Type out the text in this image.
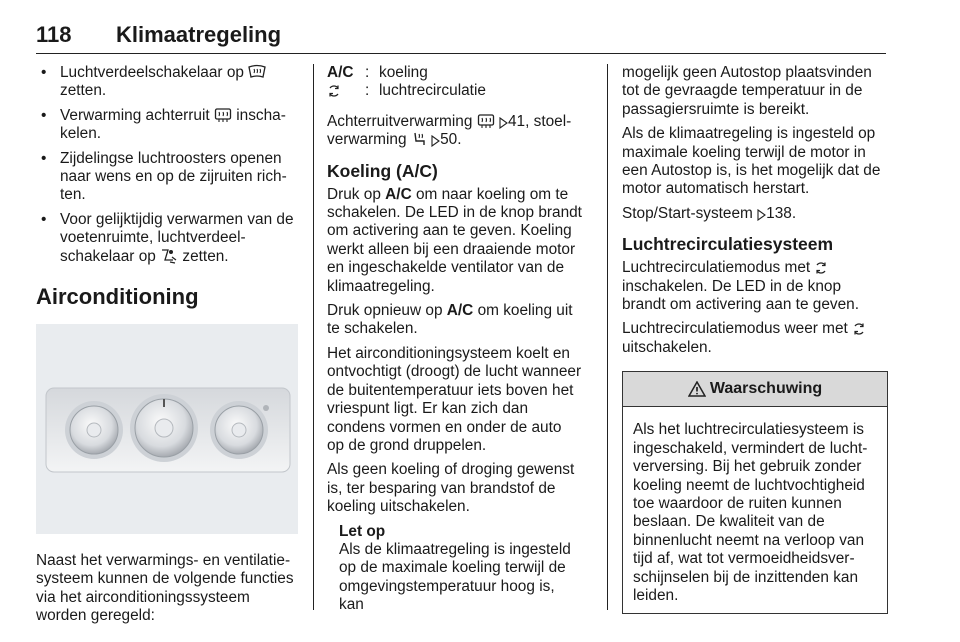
118 Klimaatregeling
• Luchtverdeelschakelaar op  zetten.
• Verwarming achterruit  inschakelen.
• Zijdelingse luchtroosters openen naar wens en op de zijruiten richten.
• Voor gelijktijdig verwarmen van de voetenruimte, luchtverdeelschakelaar op  zetten.
Airconditioning

Naast het verwarmings- en ventilatiesysteem kunnen de volgende functies via het airconditioningssysteem worden geregeld:

A/C : koeling
: luchtrecirculatie

Achterruitverwarming  41, stoelverwarming  50.

Koeling (A/C)

Druk op A/C om naar koeling om te schakelen. De LED in de knop brandt om activering aan te geven. Koeling werkt alleen bij een draaiende motor en ingeschakelde ventilator van de klimaatregeling.

Druk opnieuw op A/C om koeling uit te schakelen.

Het airconditioningsysteem koelt en ontvochtigt (droogt) de lucht wanneer de buitentemperatuur iets boven het vriespunt ligt. Er kan zich dan condens vormen en onder de auto op de grond druppelen.

Als geen koeling of droging gewenst is, ter besparing van brandstof de koeling uitschakelen.

Let op
Als de klimaatregeling is ingesteld op de maximale koeling terwijl de omgevingstemperatuur hoog is, kan

mogelijk geen Autostop plaatsvinden tot de gevraagde temperatuur in de passagiersruimte is bereikt.

Als de klimaatregeling is ingesteld op maximale koeling terwijl de motor in een Autostop is, is het mogelijk dat de motor automatisch herstart.

Stop/Start-systeem 138.

Luchtrecirculatiesysteem

Luchtrecirculatiemodus met  inschakelen. De LED in de knop brandt om activering aan te geven.

Luchtrecirculatiemodus weer met  uitschakelen.

Waarschuwing
Als het luchtrecirculatiesysteem is ingeschakeld, vermindert de luchtverversing. Bij het gebruik zonder koeling neemt de luchtvochtigheid toe waardoor de ruiten kunnen beslaan. De kwaliteit van de binnenlucht neemt na verloop van tijd af, wat tot vermoeidheidsverschijnselen bij de inzittenden kan leiden.
